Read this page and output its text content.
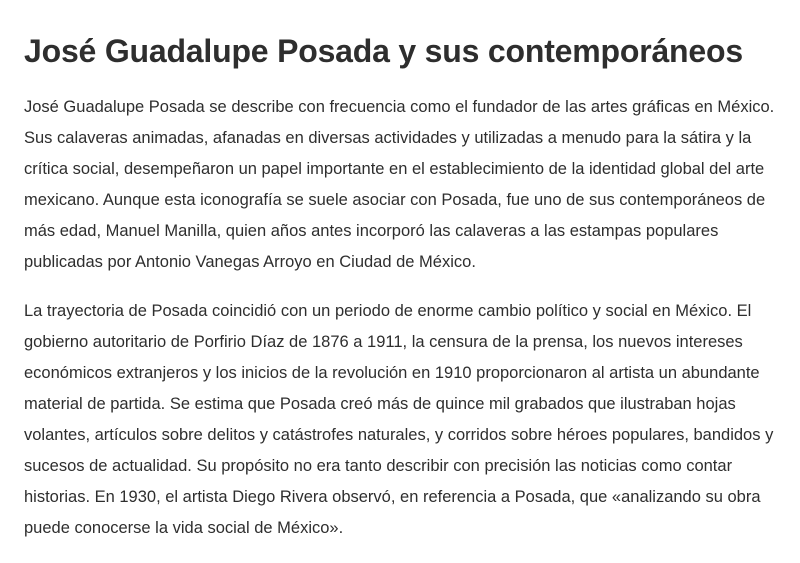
José Guadalupe Posada y sus contemporáneos

José Guadalupe Posada se describe con frecuencia como el fundador de las artes gráficas en México. Sus calaveras animadas, afanadas en diversas actividades y utilizadas a menudo para la sátira y la crítica social, desempeñaron un papel importante en el establecimiento de la identidad global del arte mexicano. Aunque esta iconografía se suele asociar con Posada, fue uno de sus contemporáneos de más edad, Manuel Manilla, quien años antes incorporó las calaveras a las estampas populares publicadas por Antonio Vanegas Arroyo en Ciudad de México.

La trayectoria de Posada coincidió con un periodo de enorme cambio político y social en México. El gobierno autoritario de Porfirio Díaz de 1876 a 1911, la censura de la prensa, los nuevos intereses económicos extranjeros y los inicios de la revolución en 1910 proporcionaron al artista un abundante material de partida. Se estima que Posada creó más de quince mil grabados que ilustraban hojas volantes, artículos sobre delitos y catástrofes naturales, y corridos sobre héroes populares, bandidos y sucesos de actualidad. Su propósito no era tanto describir con precisión las noticias como contar historias. En 1930, el artista Diego Rivera observó, en referencia a Posada, que «analizando su obra puede conocerse la vida social de México».
